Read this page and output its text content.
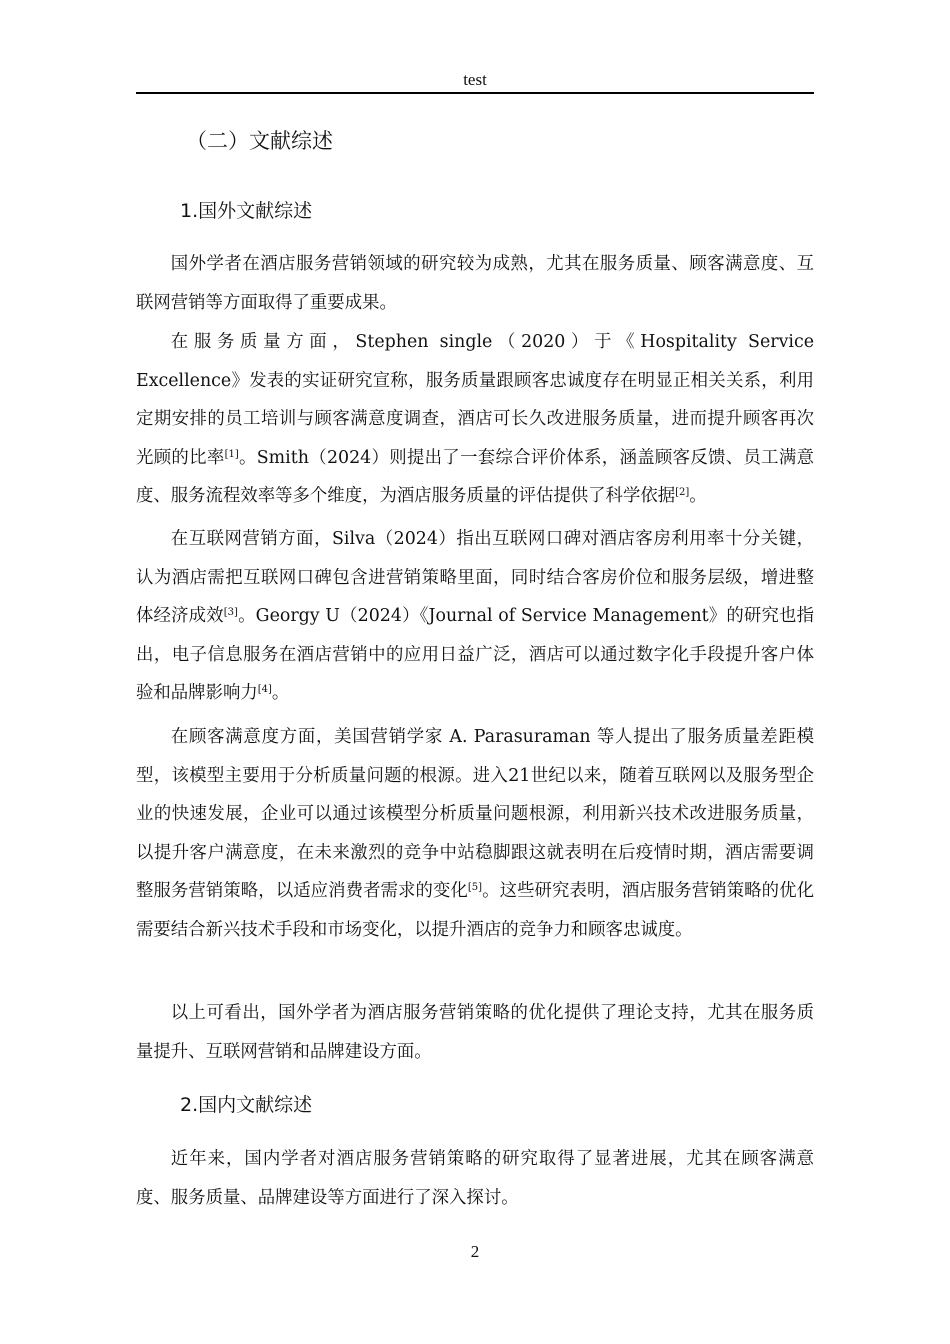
test
（二）文献综述
1.国外文献综述

国外学者在酒店服务营销领域的研究较为成熟，尤其在服务质量、顾客满意度、互联网营销等方面取得了重要成果。

在服务质量方面，Stephen single（2020）于《Hospitality Service Excellence》发表的实证研究宣称，服务质量跟顾客忠诚度存在明显正相关关系，利用定期安排的员工培训与顾客满意度调查，酒店可长久改进服务质量，进而提升顾客再次光顾的比率[1]。Smith（2024）则提出了一套综合评价体系，涵盖顾客反馈、员工满意度、服务流程效率等多个维度，为酒店服务质量的评估提供了科学依据[2]。

在互联网营销方面，Silva（2024）指出互联网口碑对酒店客房利用率十分关键，认为酒店需把互联网口碑包含进营销策略里面，同时结合客房价位和服务层级，增进整体经济成效[3]。Georgy U（2024）《Journal of Service Management》的研究也指出，电子信息服务在酒店营销中的应用日益广泛，酒店可以通过数字化手段提升客户体验和品牌影响力[4]。

在顾客满意度方面，美国营销学家 A. Parasuraman 等人提出了服务质量差距模型，该模型主要用于分析质量问题的根源。进入21世纪以来，随着互联网以及服务型企业的快速发展，企业可以通过该模型分析质量问题根源，利用新兴技术改进服务质量，以提升客户满意度，在未来激烈的竞争中站稳脚跟这就表明在后疫情时期，酒店需要调整服务营销策略，以适应消费者需求的变化[5]。这些研究表明，酒店服务营销策略的优化需要结合新兴技术手段和市场变化，以提升酒店的竞争力和顾客忠诚度。

以上可看出，国外学者为酒店服务营销策略的优化提供了理论支持，尤其在服务质量提升、互联网营销和品牌建设方面。

2.国内文献综述

近年来，国内学者对酒店服务营销策略的研究取得了显著进展，尤其在顾客满意度、服务质量、品牌建设等方面进行了深入探讨。

2
